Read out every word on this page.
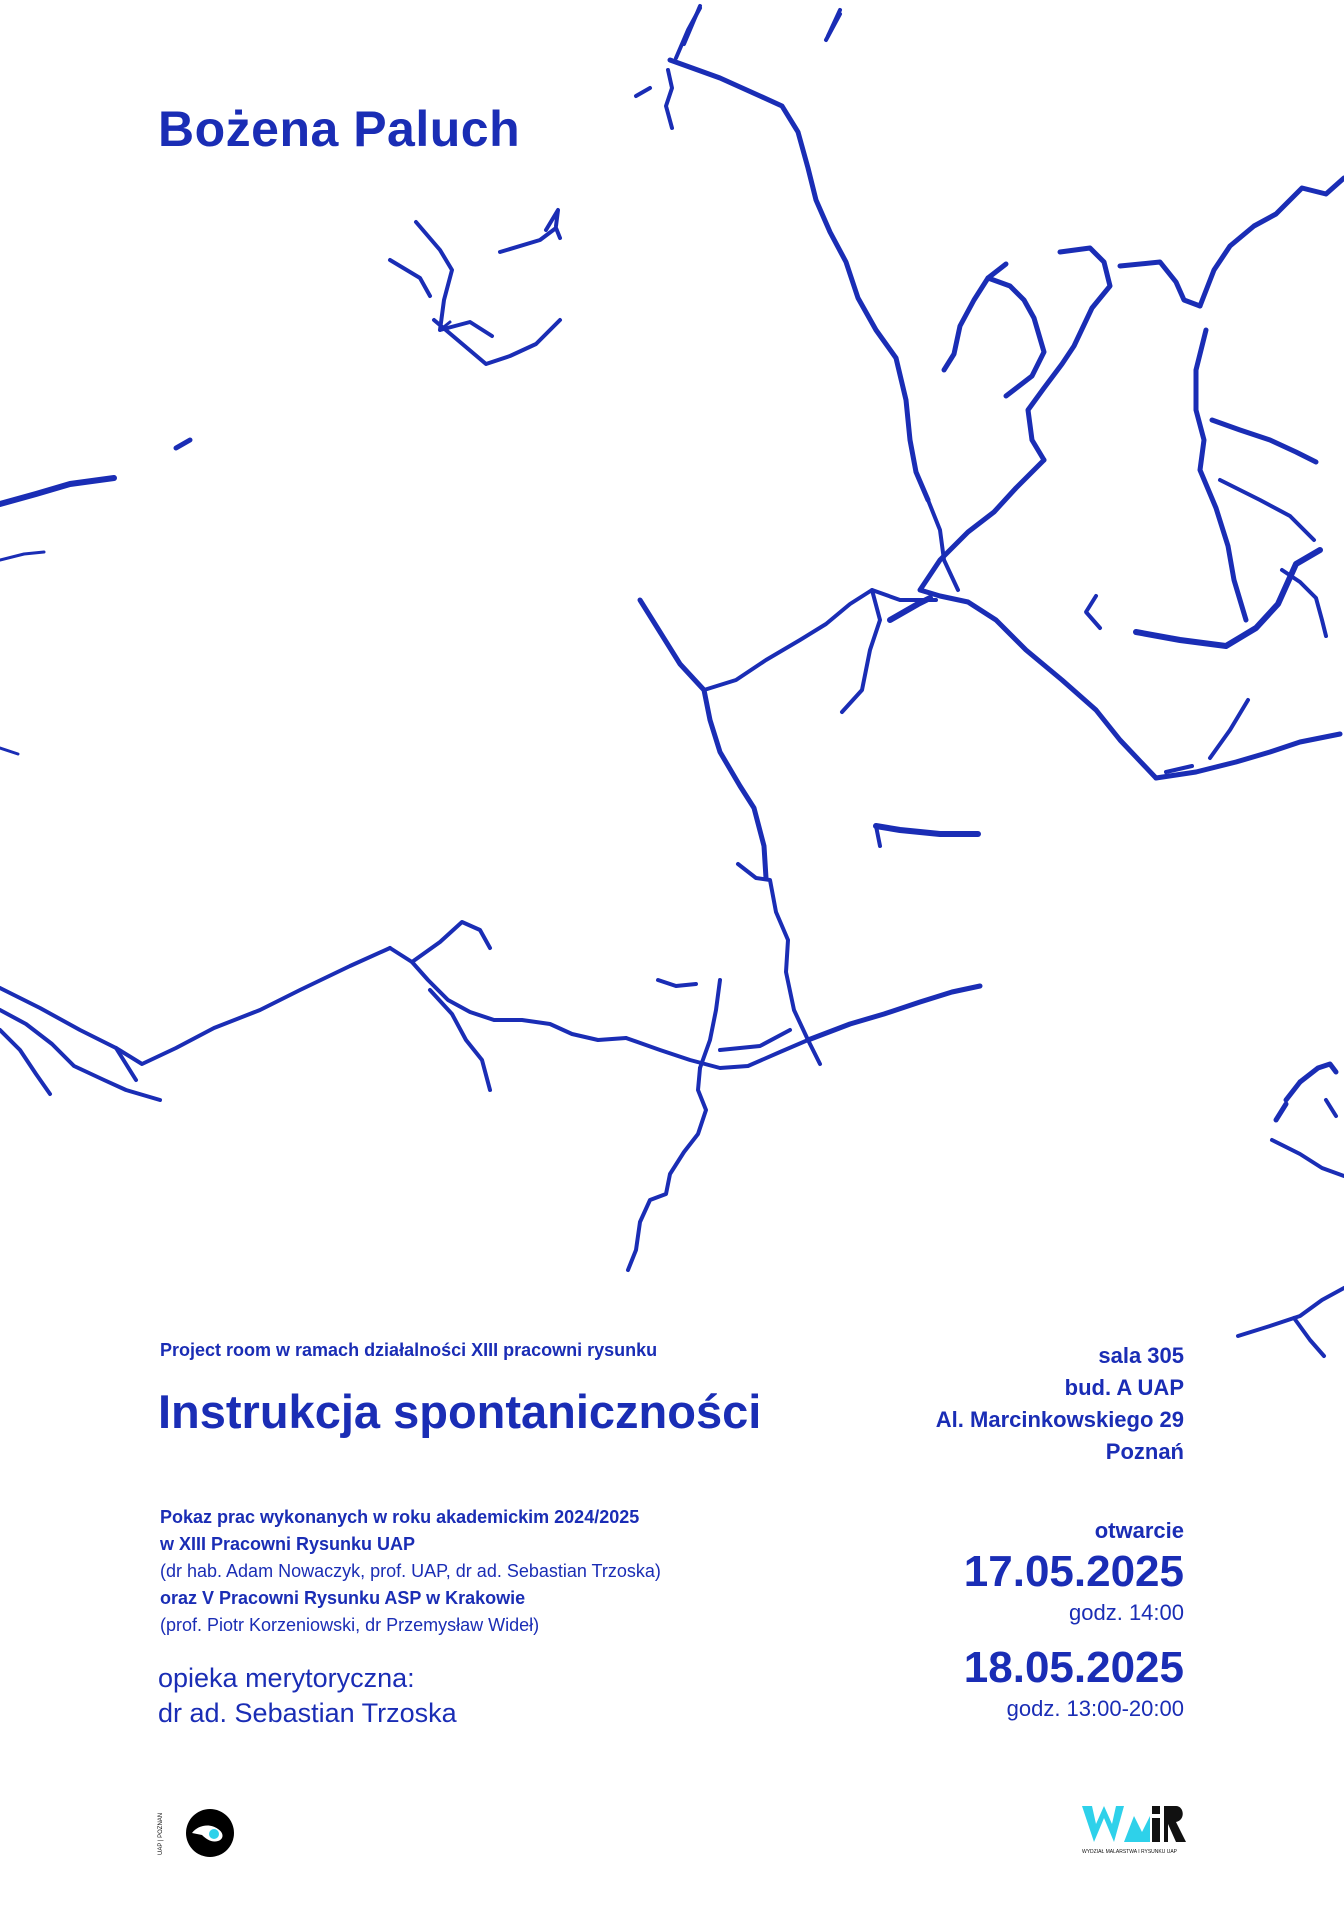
Bożena Paluch
Project room w ramach działalności XIII pracowni rysunku
Instrukcja spontaniczności
Pokaz prac wykonanych w roku akademickim 2024/2025
w XIII Pracowni Rysunku UAP
(dr hab. Adam Nowaczyk, prof. UAP, dr ad. Sebastian Trzoska)
oraz V Pracowni Rysunku ASP w Krakowie
(prof. Piotr Korzeniowski, dr Przemysław Wideł)
opieka merytoryczna:
dr ad. Sebastian Trzoska
sala 305
bud. A UAP
Al. Marcinkowskiego 29
Poznań
otwarcie
17.05.2025
godz. 14:00
18.05.2025
godz. 13:00-20:00
UAP | POZNAŃ	WYDZIAŁ MALARSTWA I RYSUNKU UAP
